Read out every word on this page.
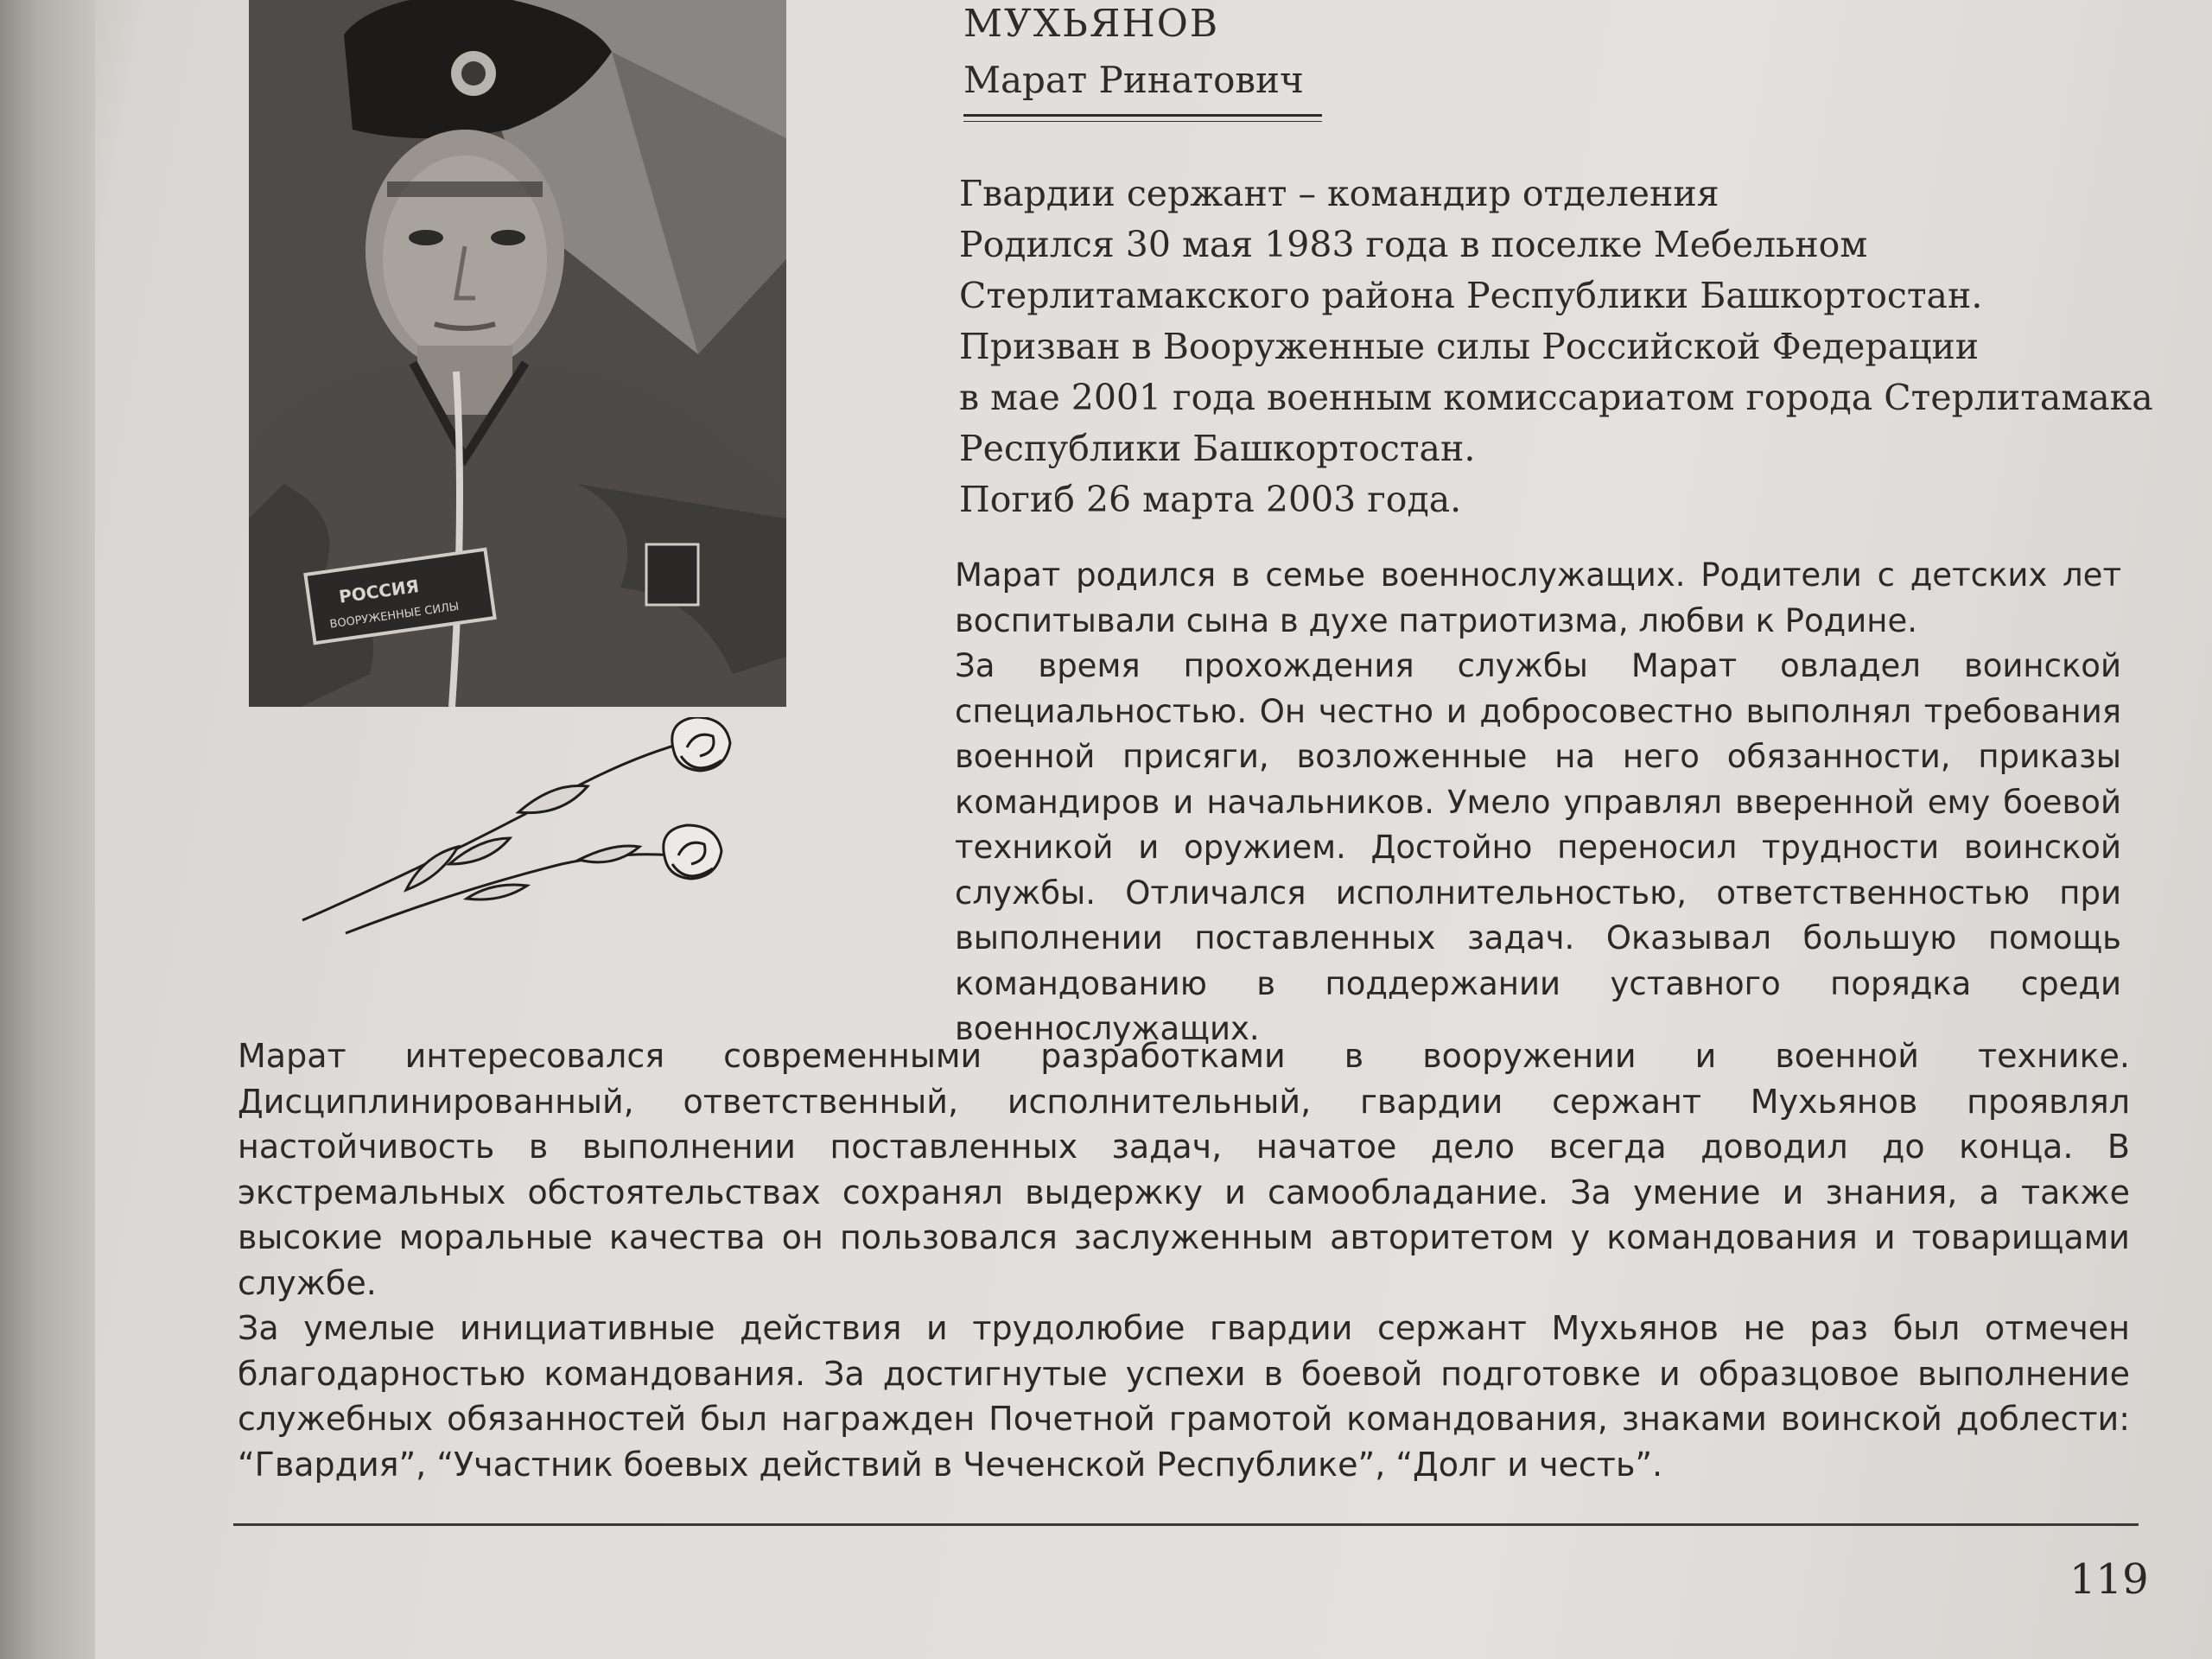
РОССИЯ
ВООРУЖЕННЫЕ СИЛЫ
МУХЬЯНОВ
Марат Ринатович
Гвардии сержант – командир отделения
Родился 30 мая 1983 года в поселке Мебельном
Стерлитамакского района Республики Башкортостан.
Призван в Вооруженные силы Российской Федерации
в мае 2001 года военным комиссариатом города Стерлитамака
Республики Башкортостан.
Погиб 26 марта 2003 года.

Марат родился в семье военнослужащих. Родители с детских лет воспитывали сына в духе патриотизма, любви к Родине.

За время прохождения службы Марат овладел воинской специальностью. Он честно и добросовестно выполнял требования военной присяги, возложенные на него обязанности, приказы командиров и начальников. Умело управлял вверенной ему боевой техникой и оружием. Достойно переносил трудности воинской службы. Отличался исполнительностью, ответственностью при выполнении поставленных задач. Оказывал большую помощь командованию в поддержании уставного порядка среди военнослужащих.

Марат интересовался современными разработками в вооружении и военной технике. Дисциплинированный, ответственный, исполнительный, гвардии сержант Мухьянов проявлял настойчивость в выполнении поставленных задач, начатое дело всегда доводил до конца. В экстремальных обстоятельствах сохранял выдержку и самообладание. За умение и знания, а также высокие моральные качества он пользовался заслуженным авторитетом у командования и товарищами службе.

За умелые инициативные действия и трудолюбие гвардии сержант Мухьянов не раз был отмечен благодарностью командования. За достигнутые успехи в боевой подготовке и образцовое выполнение служебных обязанностей был награжден Почетной грамотой командования, знаками воинской доблести: “Гвардия”, “Участник боевых действий в Чеченской Республике”, “Долг и честь”.

119
